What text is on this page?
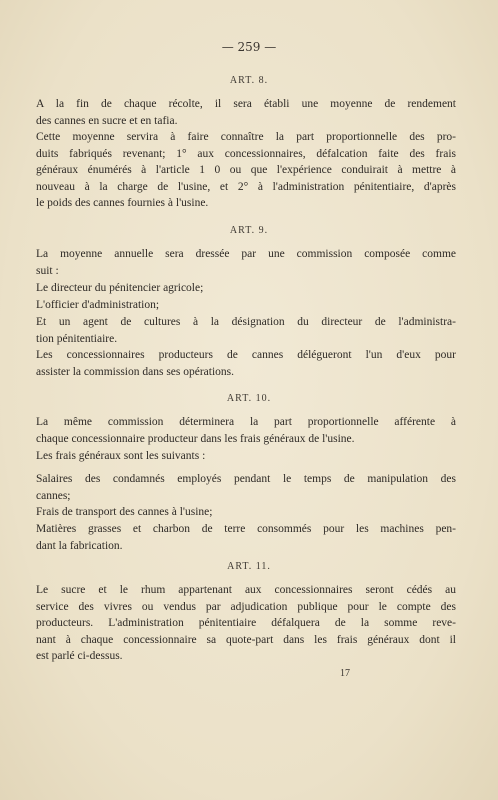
— 259 —
ART. 8.
A la fin de chaque récolte, il sera établi une moyenne de rendement
des cannes en sucre et en tafia.
Cette moyenne servira à faire connaître la part proportionnelle des pro-
duits fabriqués revenant; 1° aux concessionnaires, défalcation faite des frais
généraux énumérés à l'article 1 0 ou que l'expérience conduirait à mettre à
nouveau à la charge de l'usine, et 2° à l'administration pénitentiaire, d'après
le poids des cannes fournies à l'usine.
ART. 9.
La moyenne annuelle sera dressée par une commission composée comme
suit :
Le directeur du pénitencier agricole;
L'officier d'administration;
Et un agent de cultures à la désignation du directeur de l'administra-
tion pénitentiaire.
Les concessionnaires producteurs de cannes délégueront l'un d'eux pour
assister la commission dans ses opérations.
ART. 10.
La même commission déterminera la part proportionnelle afférente à
chaque concessionnaire producteur dans les frais généraux de l'usine.
Les frais généraux sont les suivants :
Salaires des condamnés employés pendant le temps de manipulation des
cannes;
Frais de transport des cannes à l'usine;
Matières grasses et charbon de terre consommés pour les machines pen-
dant la fabrication.
ART. 11.
Le sucre et le rhum appartenant aux concessionnaires seront cédés au
service des vivres ou vendus par adjudication publique pour le compte des
producteurs. L'administration pénitentiaire défalquera de la somme reve-
nant à chaque concessionnaire sa quote-part dans les frais généraux dont il
est parlé ci-dessus.
17
